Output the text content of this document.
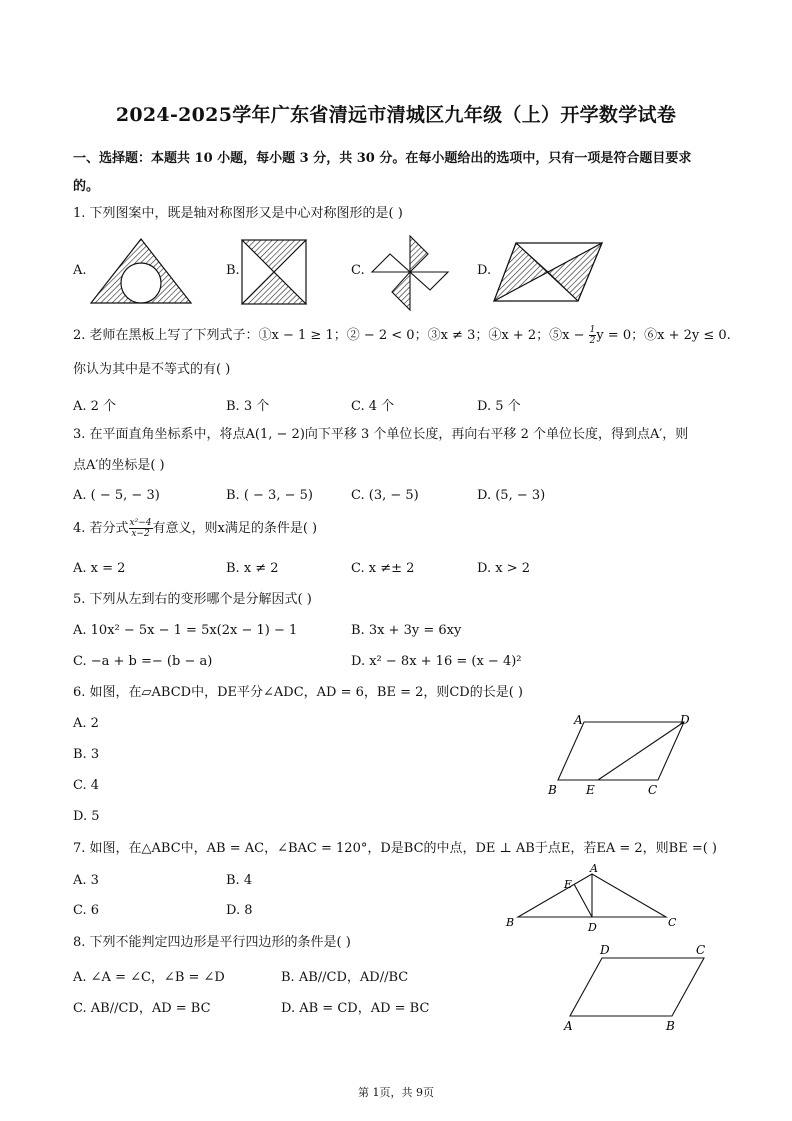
2024-2025学年广东省清远市清城区九年级（上）开学数学试卷
一、选择题：本题共 10 小题，每小题 3 分，共 30 分。在每小题给出的选项中，只有一项是符合题目要求
的。
1. 下列图案中，既是轴对称图形又是中心对称图形的是( )
A.	B.	C.	D.
2. 老师在黑板上写了下列式子：①x − 1 ≥ 1；② − 2 < 0；③x ≠ 3；④x + 2；⑤x − $\frac{1}{2}$ y = 0；⑥x + 2y ≤ 0.
你认为其中是不等式的有( )
A. 2 个	B. 3 个	C. 4 个	D. 5 个
3. 在平面直角坐标系中，将点A(1, − 2)向下平移 3 个单位长度，再向右平移 2 个单位长度，得到点A′，则
点A′的坐标是( )
A. ( − 5, − 3)	B. ( − 3, − 5)	C. (3, − 5)	D. (5, − 3)
4. 若分式 $\frac{\text{x²−4}}{x-2}$ 有意义，则x满足的条件是( )
A. x = 2	B. x ≠ 2	C. x ≠± 2	D. x > 2
5. 下列从左到右的变形哪个是分解因式( )
A. 10x² − 5x − 1 = 5x(2x − 1) − 1	B. 3x + 3y = 6xy
C. −a + b =− (b − a)	D. x² − 8x + 16 = (x − 4)²
6. 如图，在▱ABCD中，DE平分∠ADC，AD = 6，BE = 2，则CD的长是( )
A. 2
B. 3
C. 4
D. 5
A	D
B E	C
7. 如图，在△ABC中，AB = AC，∠BAC = 120°，D是BC的中点，DE ⊥ AB于点E，若EA = 2，则BE =( )
A. 3	B. 4
C. 6	D. 8
E
A
B	D	C
8. 下列不能判定四边形是平行四边形的条件是( )
A. ∠A = ∠C，∠B = ∠D	B. AB//CD，AD//BC
C. AB//CD，AD = BC	D. AB = CD，AD = BC
D	C
A	B
第 1页，共 9页
